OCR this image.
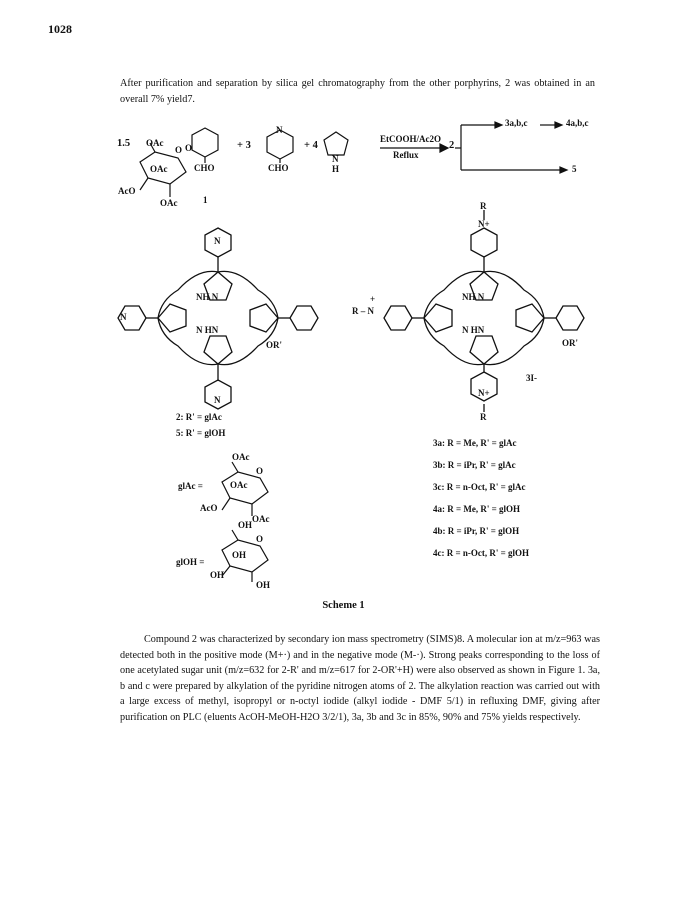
1028
After purification and separation by silica gel chromatography from the other porphyrins, 2 was obtained in an overall 7% yield7.
1.5 OAc
O
OAc
AcO
OAc	1
O
CHO
+ 3
N
CHO
+ 4
N
H
EtCOOH/Ac2O
Reflux
2
3a,b,c	4a,b,c
5
N
NH N
N HN
N
OR'
N
R
N+
+
R – N
NH N
N HN
OR'
3I-
N+
R
2: R' = glAc
5: R' = glOH
3a: R = Me, R' = glAc
3b: R = iPr, R' = glAc
3c: R = n-Oct, R' = glAc
4a: R = Me, R' = glOH
4b: R = iPr, R' = glOH
4c: R = n-Oct, R' = glOH
glAc =
OAc
O
OAc
AcO
OAc
glOH =
OH
O
OH
OH
OH
Scheme 1
Compound 2 was characterized by secondary ion mass spectrometry (SIMS)8. A molecular ion at m/z=963 was detected both in the positive mode (M+·) and in the negative mode (M-·). Strong peaks corresponding to the loss of one acetylated sugar unit (m/z=632 for 2-R' and m/z=617 for 2-OR'+H) were also observed as shown in Figure 1. 3a, b and c were prepared by alkylation of the pyridine nitrogen atoms of 2. The alkylation reaction was carried out with a large excess of methyl, isopropyl or n-octyl iodide (alkyl iodide - DMF 5/1) in refluxing DMF, giving after purification on PLC (eluents AcOH-MeOH-H2O 3/2/1), 3a, 3b and 3c in 85%, 90% and 75% yields respectively.
